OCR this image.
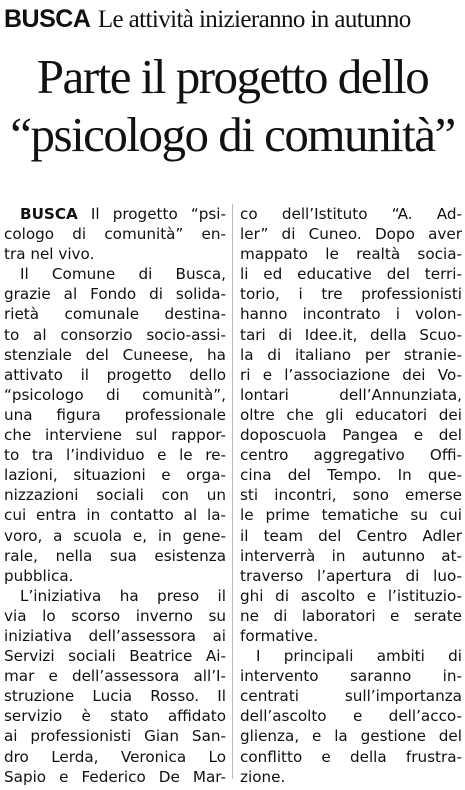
BUSCA Le attività inizieranno in autunno
Parte il progetto dello
“psicologo di comunità”
BUSCA Il progetto “psi-
cologo di comunità” en-
tra nel vivo.
Il Comune di Busca,
grazie al Fondo di solida-
rietà comunale destina-
to al consorzio socio-assi-
stenziale del Cuneese, ha
attivato il progetto dello
“psicologo di comunità”,
una figura professionale
che interviene sul rappor-
to tra l’individuo e le re-
lazioni, situazioni e orga-
nizzazioni sociali con un
cui entra in contatto al la-
voro, a scuola e, in gene-
rale, nella sua esistenza
pubblica.
L’iniziativa ha preso il
via lo scorso inverno su
iniziativa dell’assessora ai
Servizi sociali Beatrice Ai-
mar e dell’assessora all’I-
struzione Lucia Rosso. Il
servizio è stato affidato
ai professionisti Gian San-
dro Lerda, Veronica Lo
Sapio e Federico De Mar-
co dell’Istituto “A. Ad-
ler” di Cuneo. Dopo aver
mappato le realtà socia-
li ed educative del terri-
torio, i tre professionisti
hanno incontrato i volon-
tari di Idee.it, della Scuo-
la di italiano per stranie-
ri e l’associazione dei Vo-
lontari dell’Annunziata,
oltre che gli educatori dei
doposcuola Pangea e del
centro aggregativo Offi-
cina del Tempo. In que-
sti incontri, sono emerse
le prime tematiche su cui
il team del Centro Adler
interverrà in autunno at-
traverso l’apertura di luo-
ghi di ascolto e l’istituzio-
ne di laboratori e serate
formative.
I principali ambiti di
intervento saranno in-
centrati sull’importanza
dell’ascolto e dell’acco-
glienza, e la gestione del
conflitto e della frustra-
zione.
